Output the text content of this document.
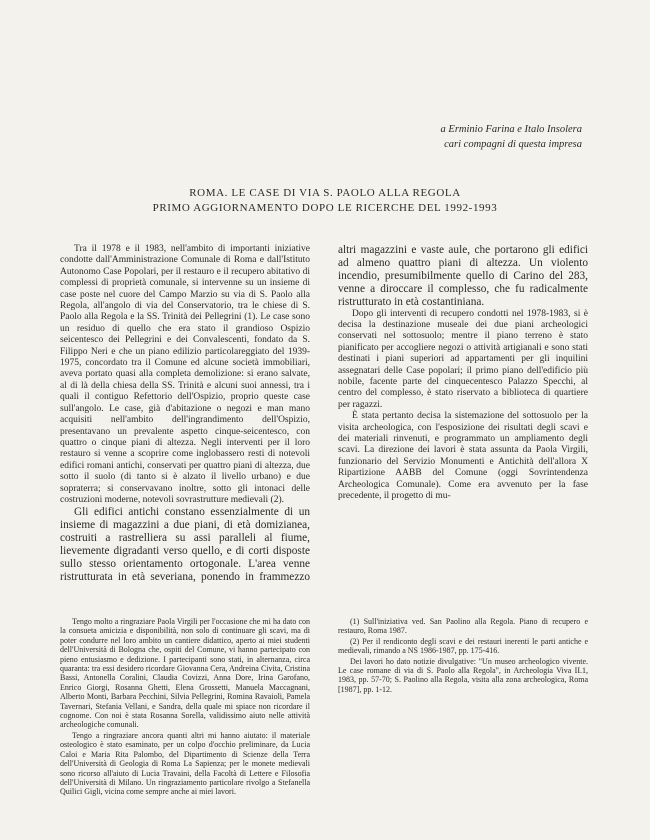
a Erminio Farina e Italo Insolera
cari compagni di questa impresa
ROMA. LE CASE DI VIA S. PAOLO ALLA REGOLA
PRIMO AGGIORNAMENTO DOPO LE RICERCHE DEL 1992-1993

Tra il 1978 e il 1983, nell'ambito di importanti iniziative condotte dall'Amministrazione Comunale di Roma e dall'Istituto Autonomo Case Popolari, per il restauro e il recupero abitativo di complessi di proprietà comunale, si intervenne su un insieme di case poste nel cuore del Campo Marzio su via di S. Paolo alla Regola, all'angolo di via del Conservatorio, tra le chiese di S. Paolo alla Regola e la SS. Trinità dei Pellegrini (1). Le case sono un residuo di quello che era stato il grandioso Ospizio seicentesco dei Pellegrini e dei Convalescenti, fondato da S. Filippo Neri e che un piano edilizio particolareggiato del 1939-1975, concordato tra il Comune ed alcune società immobiliari, aveva portato quasi alla completa demolizione: si erano salvate, al di là della chiesa della SS. Trinità e alcuni suoi annessi, tra i quali il contiguo Refettorio dell'Ospizio, proprio queste case sull'angolo. Le case, già d'abitazione o negozi e man mano acquisiti nell'ambito dell'ingrandimento dell'Ospizio, presentavano un prevalente aspetto cinque-seicentesco, con quattro o cinque piani di altezza. Negli interventi per il loro restauro si venne a scoprire come inglobassero resti di notevoli edifici romani antichi, conservati per quattro piani di altezza, due sotto il suolo (di tanto si è alzato il livello urbano) e due sopraterra; si conservavano inoltre, sotto gli intonaci delle costruzioni moderne, notevoli sovrastrutture medievali (2).

Gli edifici antichi constano essenzialmente di un insieme di magazzini a due piani, di età domizianea, costruiti a rastrelliera su assi paralleli al fiume, lievemente digradanti verso quello, e di corti disposte sullo stesso orientamento ortogonale. L'area venne ristrutturata in età severiana, ponendo in frammezzo altri magazzini e vaste aule, che portarono gli edifici ad almeno quattro piani di altezza. Un violento incendio, presumibilmente quello di Carino del 283, venne a diroccare il complesso, che fu radicalmente ristrutturato in età costantiniana.

Dopo gli interventi di recupero condotti nel 1978-1983, si è decisa la destinazione museale dei due piani archeologici conservati nel sottosuolo; mentre il piano terreno è stato pianificato per accogliere negozi o attività artigianali e sono stati destinati i piani superiori ad appartamenti per gli inquilini assegnatari delle Case popolari; il primo piano dell'edificio più nobile, facente parte del cinquecentesco Palazzo Specchi, al centro del complesso, è stato riservato a biblioteca di quartiere per ragazzi.

È stata pertanto decisa la sistemazione del sottosuolo per la visita archeologica, con l'esposizione dei risultati degli scavi e dei materiali rinvenuti, e programmato un ampliamento degli scavi. La direzione dei lavori è stata assunta da Paola Virgili, funzionario del Servizio Monumenti e Antichità dell'allora X Ripartizione AABB del Comune (oggi Sovrintendenza Archeologica Comunale). Come era avvenuto per la fase precedente, il progetto di mu-

Tengo molto a ringraziare Paola Virgili per l'occasione che mi ha dato con la consueta amicizia e disponibilità, non solo di continuare gli scavi, ma di poter condurre nel loro ambito un cantiere didattico, aperto ai miei studenti dell'Università di Bologna che, ospiti del Comune, vi hanno partecipato con pieno entusiasmo e dedizione. I partecipanti sono stati, in alternanza, circa quaranta: tra essi desidero ricordare Giovanna Cera, Andreina Civita, Cristina Bassi, Antonella Coralini, Claudia Covizzi, Anna Dore, Irina Garofano, Enrico Giorgi, Rosanna Ghetti, Elena Grossetti, Manuela Maccagnani, Alberto Monti, Barbara Pecchini, Silvia Pellegrini, Romina Ravaioli, Pamela Tavernari, Stefania Vellani, e Sandra, della quale mi spiace non ricordare il cognome. Con noi è stata Rosanna Sorella, validissimo aiuto nelle attività archeologiche comunali.

Tengo a ringraziare ancora quanti altri mi hanno aiutato: il materiale osteologico è stato esaminato, per un colpo d'occhio preliminare, da Lucia Caloi e Maria Rita Palombo, del Dipartimento di Scienze della Terra dell'Università di Geologia di Roma La Sapienza; per le monete medievali sono ricorso all'aiuto di Lucia Travaini, della Facoltà di Lettere e Filosofia dell'Università di Milano. Un ringraziamento particolare rivolgo a Stefanella Quilici Gigli, vicina come sempre anche ai miei lavori.

(1) Sull'iniziativa ved. San Paolino alla Regola. Piano di recupero e restauro, Roma 1987.

(2) Per il rendiconto degli scavi e dei restauri inerenti le parti antiche e medievali, rimando a NS 1986-1987, pp. 175-416.

Dei lavori ho dato notizie divulgative: "Un museo archeologico vivente. Le case romane di via di S. Paolo alla Regola", in Archeologia Viva II.1, 1983, pp. 57-70; S. Paolino alla Regola, visita alla zona archeologica, Roma [1987], pp. 1-12.
